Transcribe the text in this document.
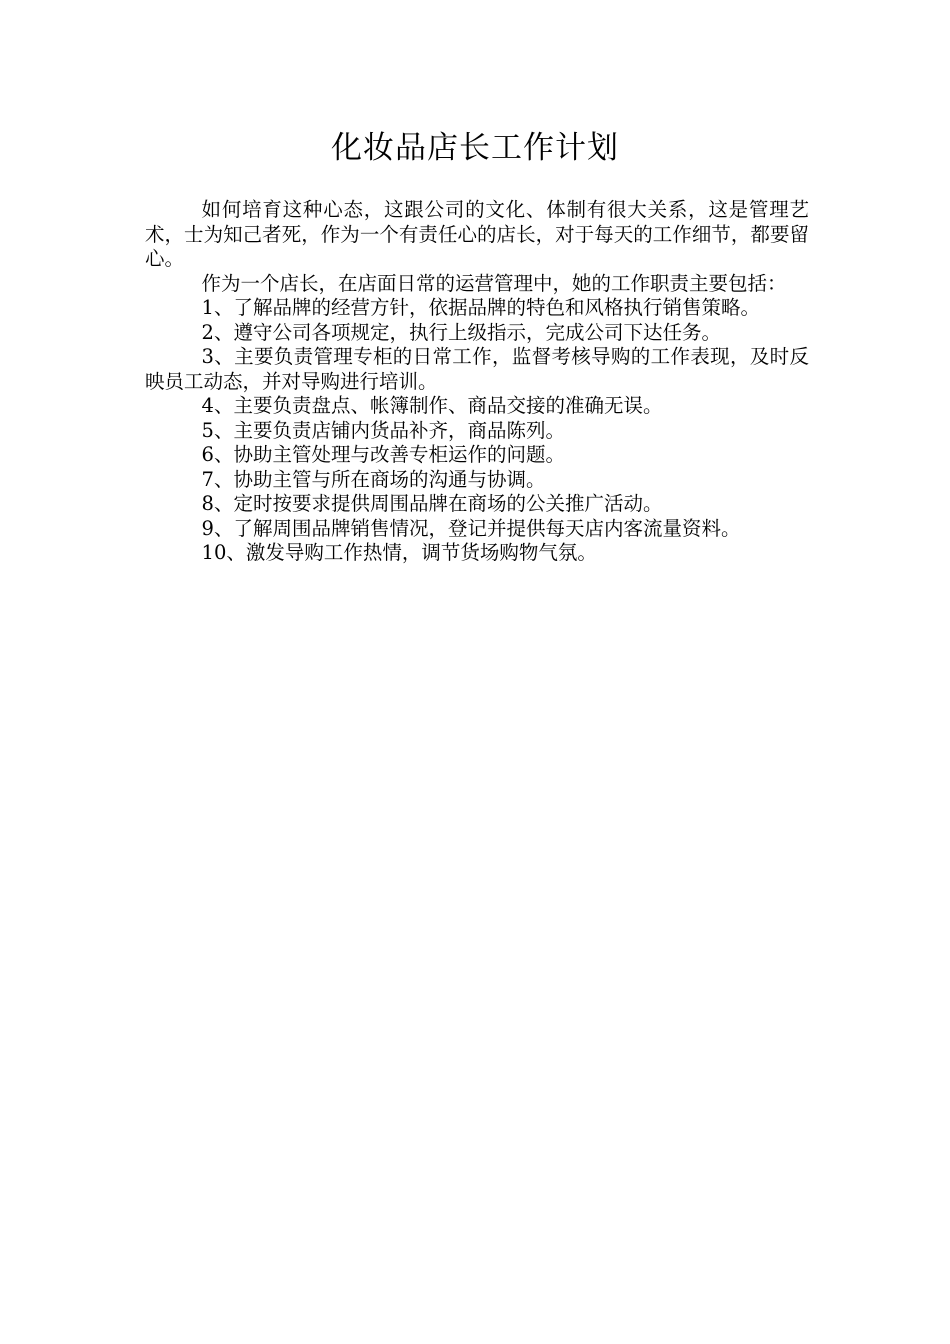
化妆品店长工作计划

如何培育这种心态，这跟公司的文化、体制有很大关系，这是管理艺术，士为知己者死，作为一个有责任心的店长，对于每天的工作细节，都要留心。

作为一个店长，在店面日常的运营管理中，她的工作职责主要包括：

1、了解品牌的经营方针，依据品牌的特色和风格执行销售策略。

2、遵守公司各项规定，执行上级指示，完成公司下达任务。

3、主要负责管理专柜的日常工作，监督考核导购的工作表现，及时反映员工动态，并对导购进行培训。

4、主要负责盘点、帐簿制作、商品交接的准确无误。

5、主要负责店铺内货品补齐，商品陈列。

6、协助主管处理与改善专柜运作的问题。

7、协助主管与所在商场的沟通与协调。

8、定时按要求提供周围品牌在商场的公关推广活动。

9、了解周围品牌销售情况，登记并提供每天店内客流量资料。

10、激发导购工作热情，调节货场购物气氛。
